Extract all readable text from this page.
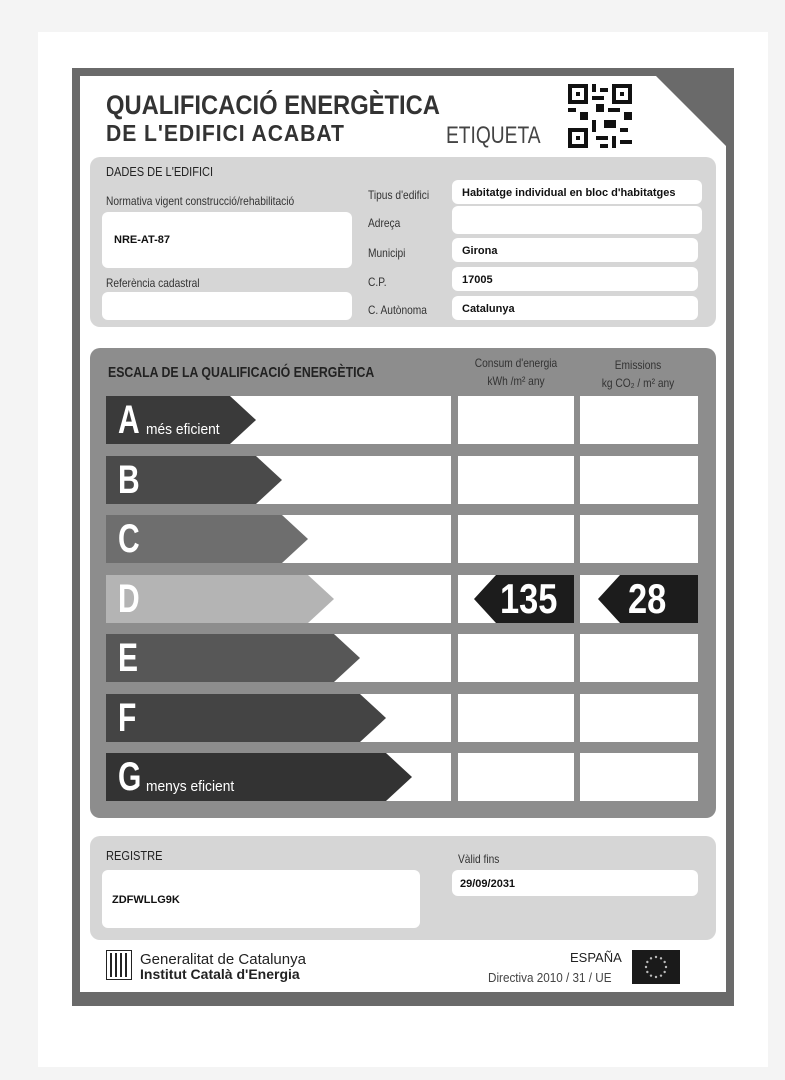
QUALIFICACIÓ ENERGÈTICA
DE L'EDIFICI ACABAT	ETIQUETA
DADES DE L'EDIFICI
Normativa vigent construcció/rehabilitació
NRE-AT-87
Referència cadastral
Tipus d'edifici	Habitatge individual en bloc d'habitatges
Adreça
Municipi	Girona
C.P.	17005
C. Autònoma	Catalunya
ESCALA DE LA QUALIFICACIÓ ENERGÈTICA
Consum d'energia
kWh /m² any
Emissions
kg CO₂ / m² any
A més eficient
B
C
D	135 28
E
F
G menys eficient
REGISTRE
ZDFWLLG9K
Vàlid fins
29/09/2031
Generalitat de Catalunya
Institut Català d'Energia
ESPAÑA
Directiva 2010 / 31 / UE
